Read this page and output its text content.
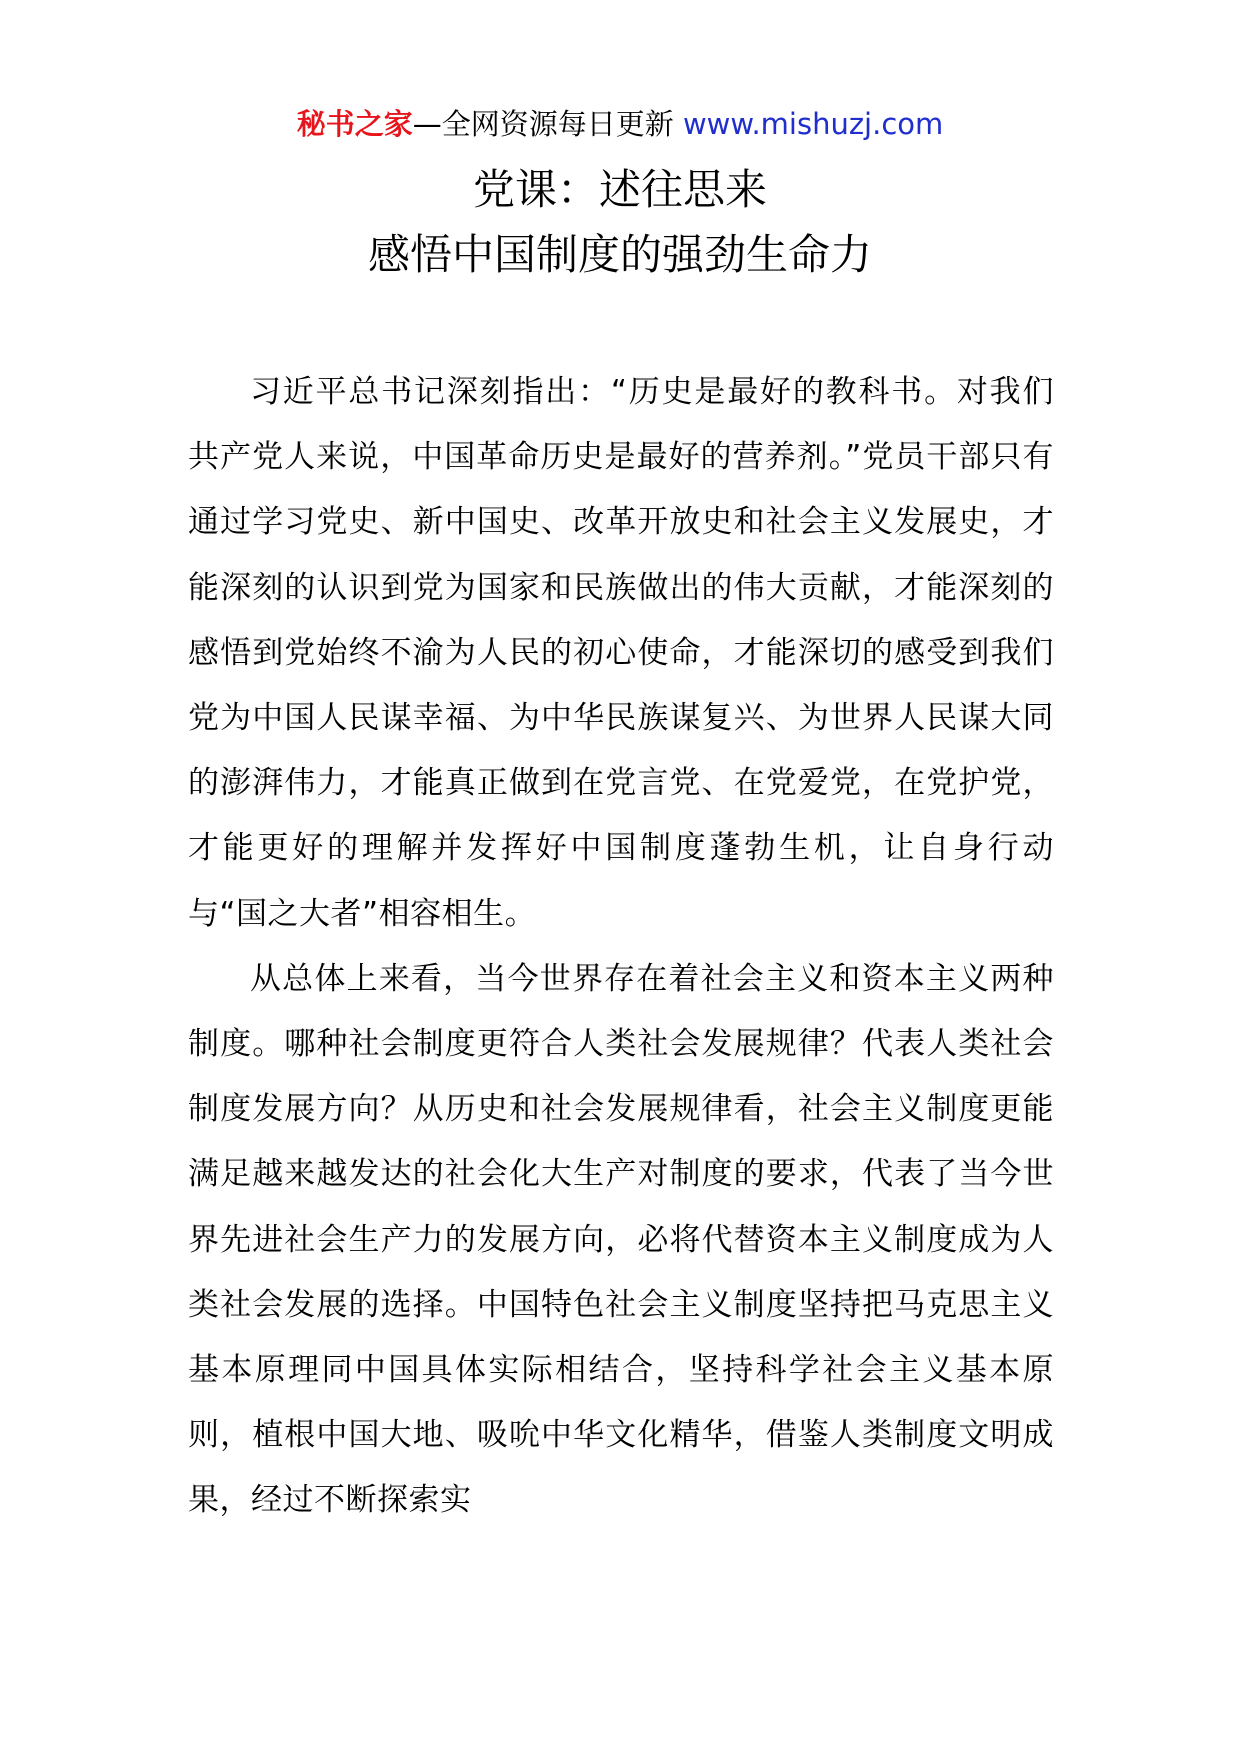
秘书之家—全网资源每日更新 www.mishuzj.com
党课：述往思来
感悟中国制度的强劲生命力

习近平总书记深刻指出：“历史是最好的教科书。对我们共产党人来说，中国革命历史是最好的营养剂。”党员干部只有通过学习党史、新中国史、改革开放史和社会主义发展史，才能深刻的认识到党为国家和民族做出的伟大贡献，才能深刻的感悟到党始终不渝为人民的初心使命，才能深切的感受到我们党为中国人民谋幸福、为中华民族谋复兴、为世界人民谋大同的澎湃伟力，才能真正做到在党言党、在党爱党，在党护党，才能更好的理解并发挥好中国制度蓬勃生机，让自身行动与“国之大者”相容相生。

从总体上来看，当今世界存在着社会主义和资本主义两种制度。哪种社会制度更符合人类社会发展规律？代表人类社会制度发展方向？从历史和社会发展规律看，社会主义制度更能满足越来越发达的社会化大生产对制度的要求，代表了当今世界先进社会生产力的发展方向，必将代替资本主义制度成为人类社会发展的选择。中国特色社会主义制度坚持把马克思主义基本原理同中国具体实际相结合，坚持科学社会主义基本原则，植根中国大地、吸吮中华文化精华，借鉴人类制度文明成果，经过不断探索实
